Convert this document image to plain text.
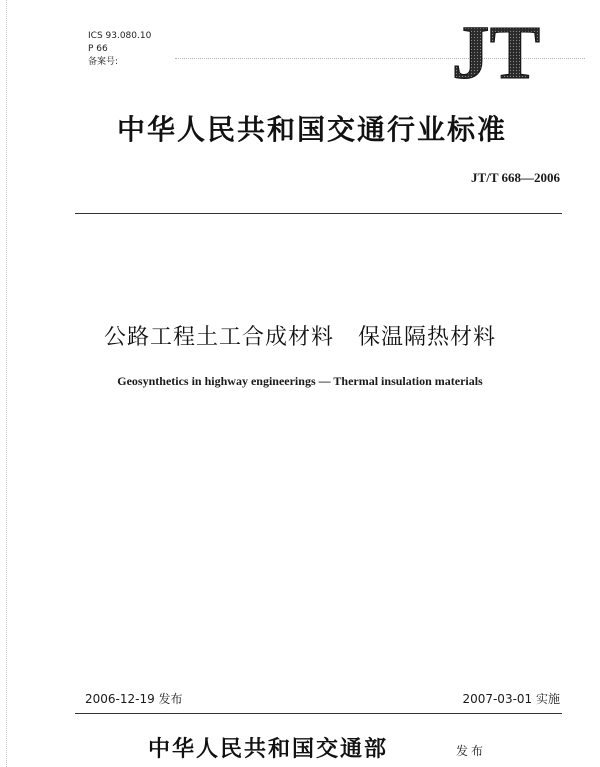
ICS 93.080.10
P 66
备案号:	JT
中华人民共和国交通行业标准
JT/T 668—2006
公路工程土工合成材料   保温隔热材料
Geosynthetics in highway engineerings — Thermal insulation materials
2006-12-19 发布	2007-03-01 实施
中华人民共和国交通部	发布
